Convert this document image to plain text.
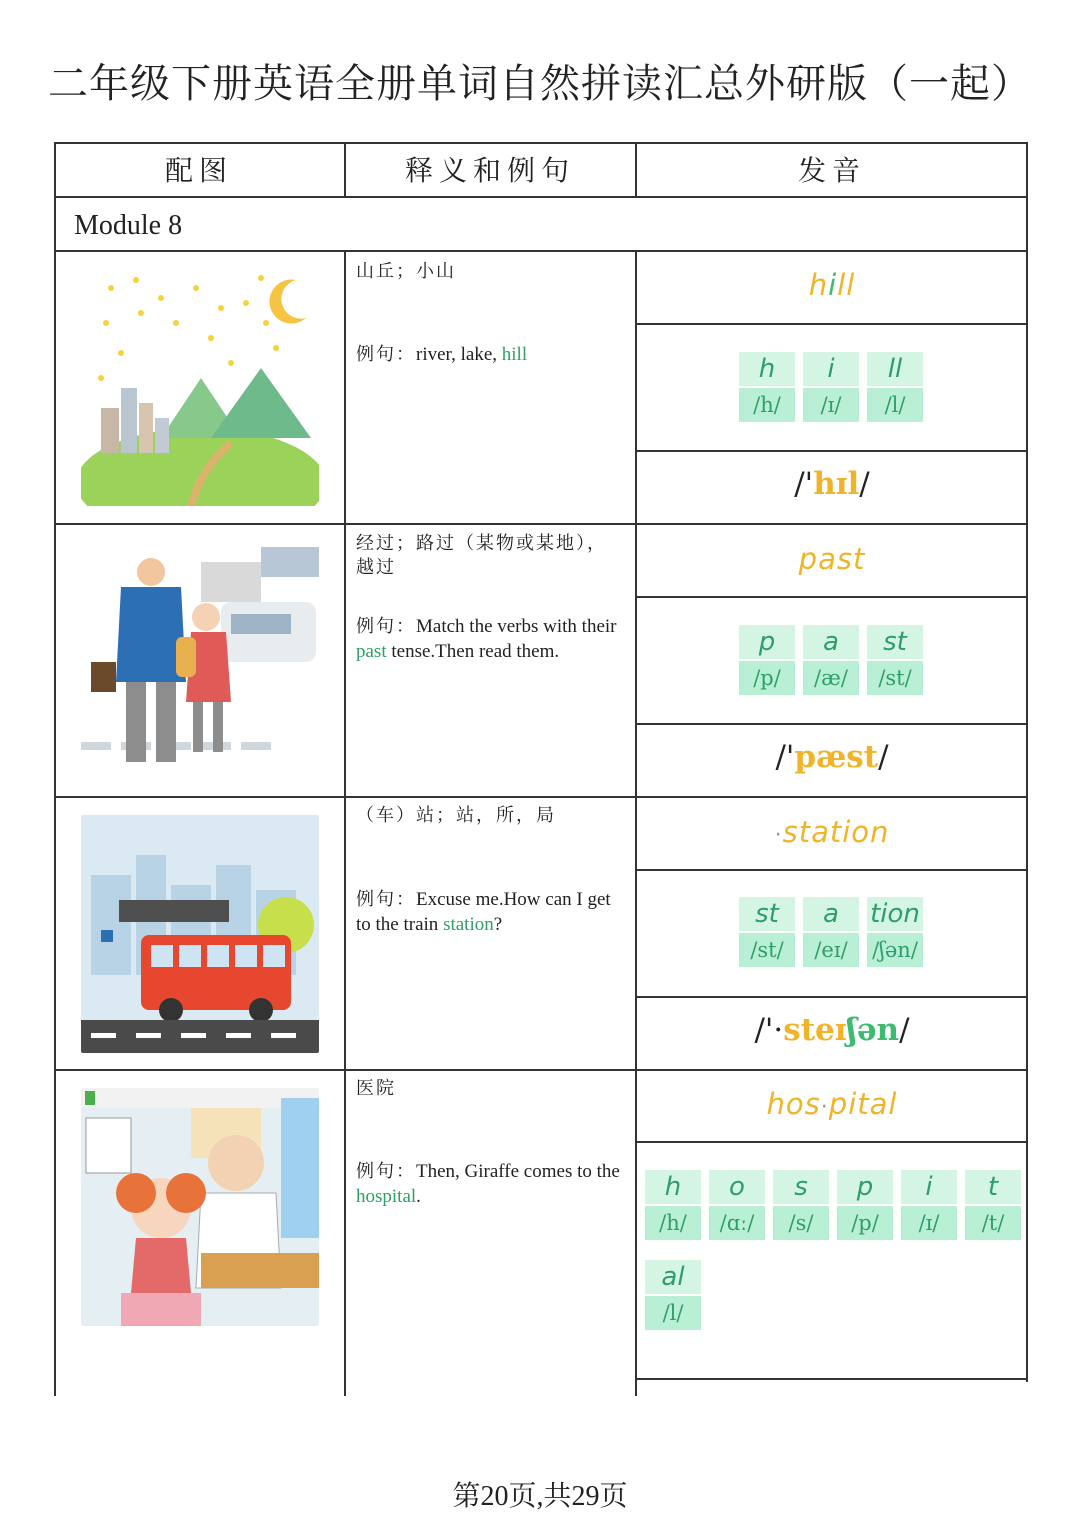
二年级下册英语全册单词自然拼读汇总外研版（一起）
配图	释义和例句	发音
Module 8
山丘；小山
例句：river, lake, hill
hill
h
/h/
i
/ɪ/
ll
/l/
/'hɪl/
经过；路过（某物或某地），越过
例句：Match the verbs with their past tense.Then read them.
past
p
/p/
a
/æ/
st
/st/
/'pæst/
（车）站；站，所，局
例句：Excuse me.How can I get to the train station?
·station
st
/st/
a
/eɪ/
tion
/ʃən/
/'·steɪʃən/
医院
例句：Then, Giraffe comes to the hospital.
hos·pital
h
/h/
o
/ɑː/
s
/s/
p
/p/
i
/ɪ/
t
/t/
al
/l/
第20页,共29页
